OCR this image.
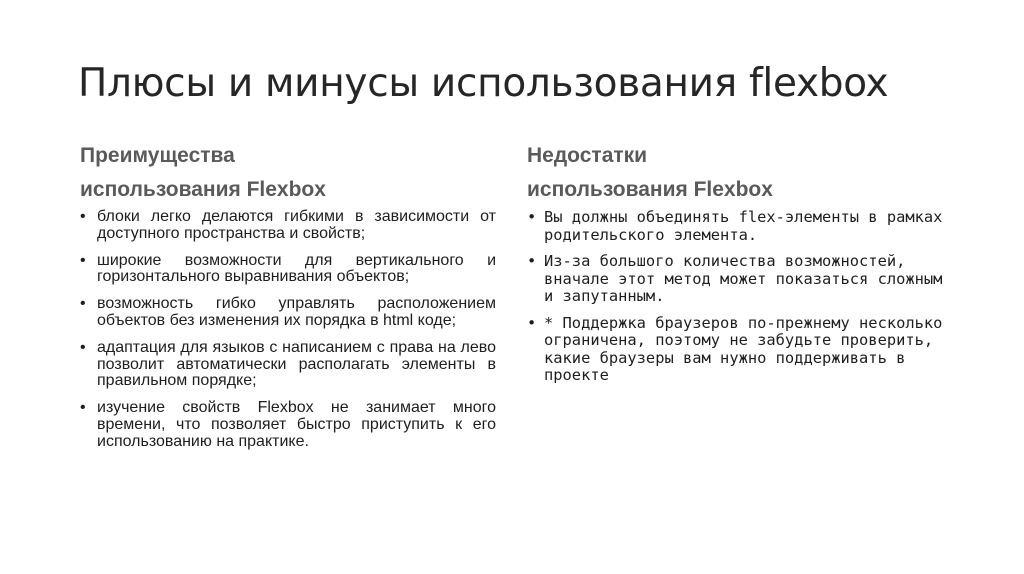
Плюсы и минусы использования flexbox
Преимущества
использования Flexbox
• блоки легко делаются гибкими в зависимости от доступного пространства и свойств;
• широкие возможности для вертикального и горизонтального выравнивания объектов;
• возможность гибко управлять расположением объектов без изменения их порядка в html коде;
• адаптация для языков с написанием с права на лево позволит автоматически располагать элементы в правильном порядке;
• изучение свойств Flexbox не занимает много времени, что позволяет быстро приступить к его использованию на практике.
Недостатки
использования Flexbox
• Вы должны объединять flex-элементы в рамках родительского элемента.
• Из-за большого количества возможностей, вначале этот метод может показаться сложным и запутанным.
• * Поддержка браузеров по-прежнему несколько ограничена, поэтому не забудьте проверить, какие браузеры вам нужно поддерживать в проекте
